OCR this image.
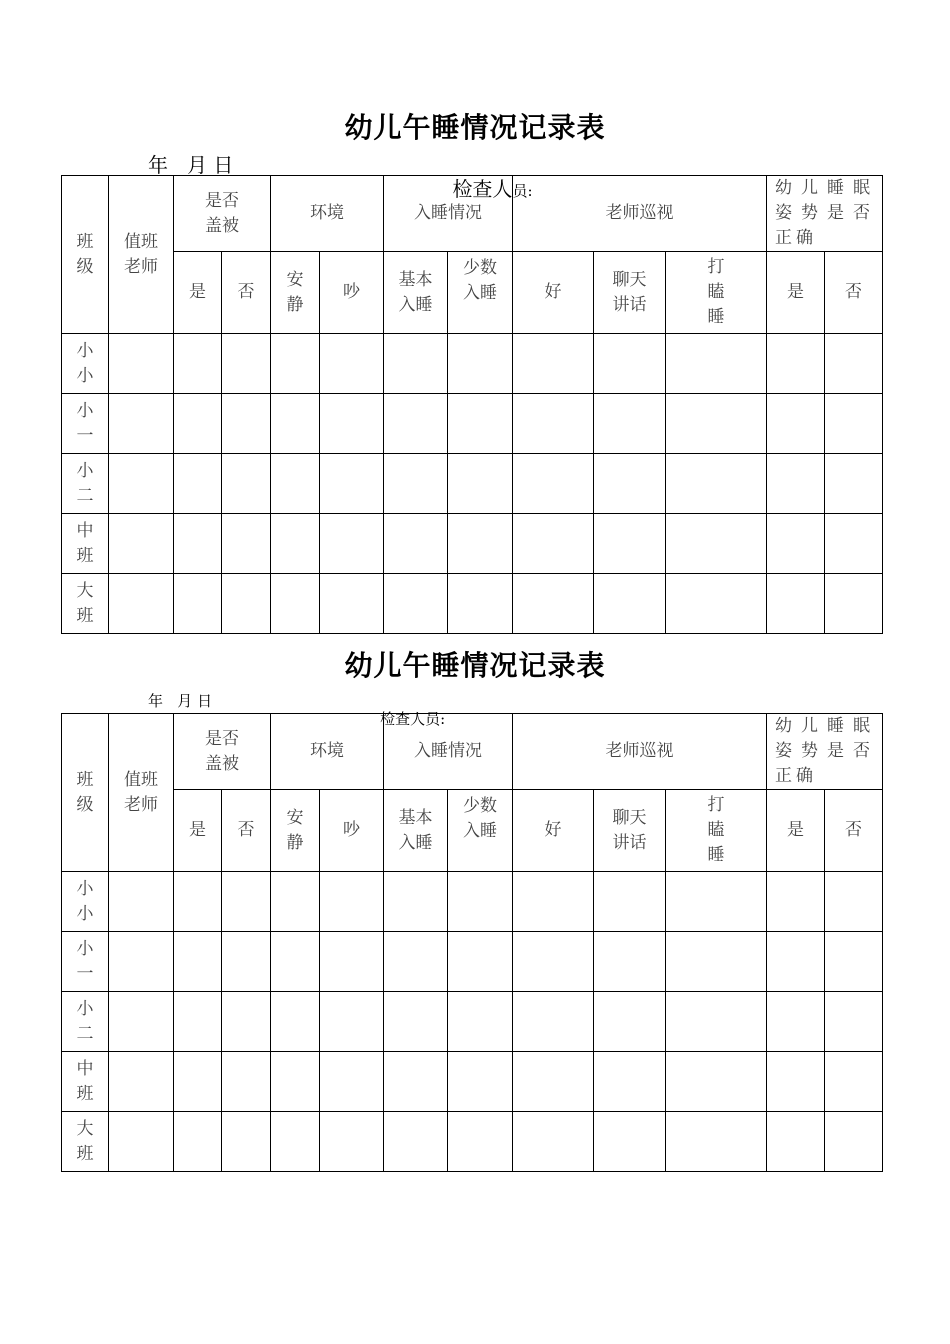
幼儿午睡情况记录表
年   月 日

检查人员:

班级	值班老师	是否盖被		环境		入睡情况		老师巡视			幼儿睡眠姿势是否正确	
		是	否	安静	吵	基本入睡	少数入睡	好	聊天讲话	打瞌睡	是	否
小小												
小一												
小二												
中班												
大班												
幼儿午睡情况记录表
年   月 日

检查人员:

班级	值班老师	是否盖被		环境		入睡情况		老师巡视			幼儿睡眠姿势是否正确	
		是	否	安静	吵	基本入睡	少数入睡	好	聊天讲话	打瞌睡	是	否
小小												
小一												
小二												
中班												
大班												
